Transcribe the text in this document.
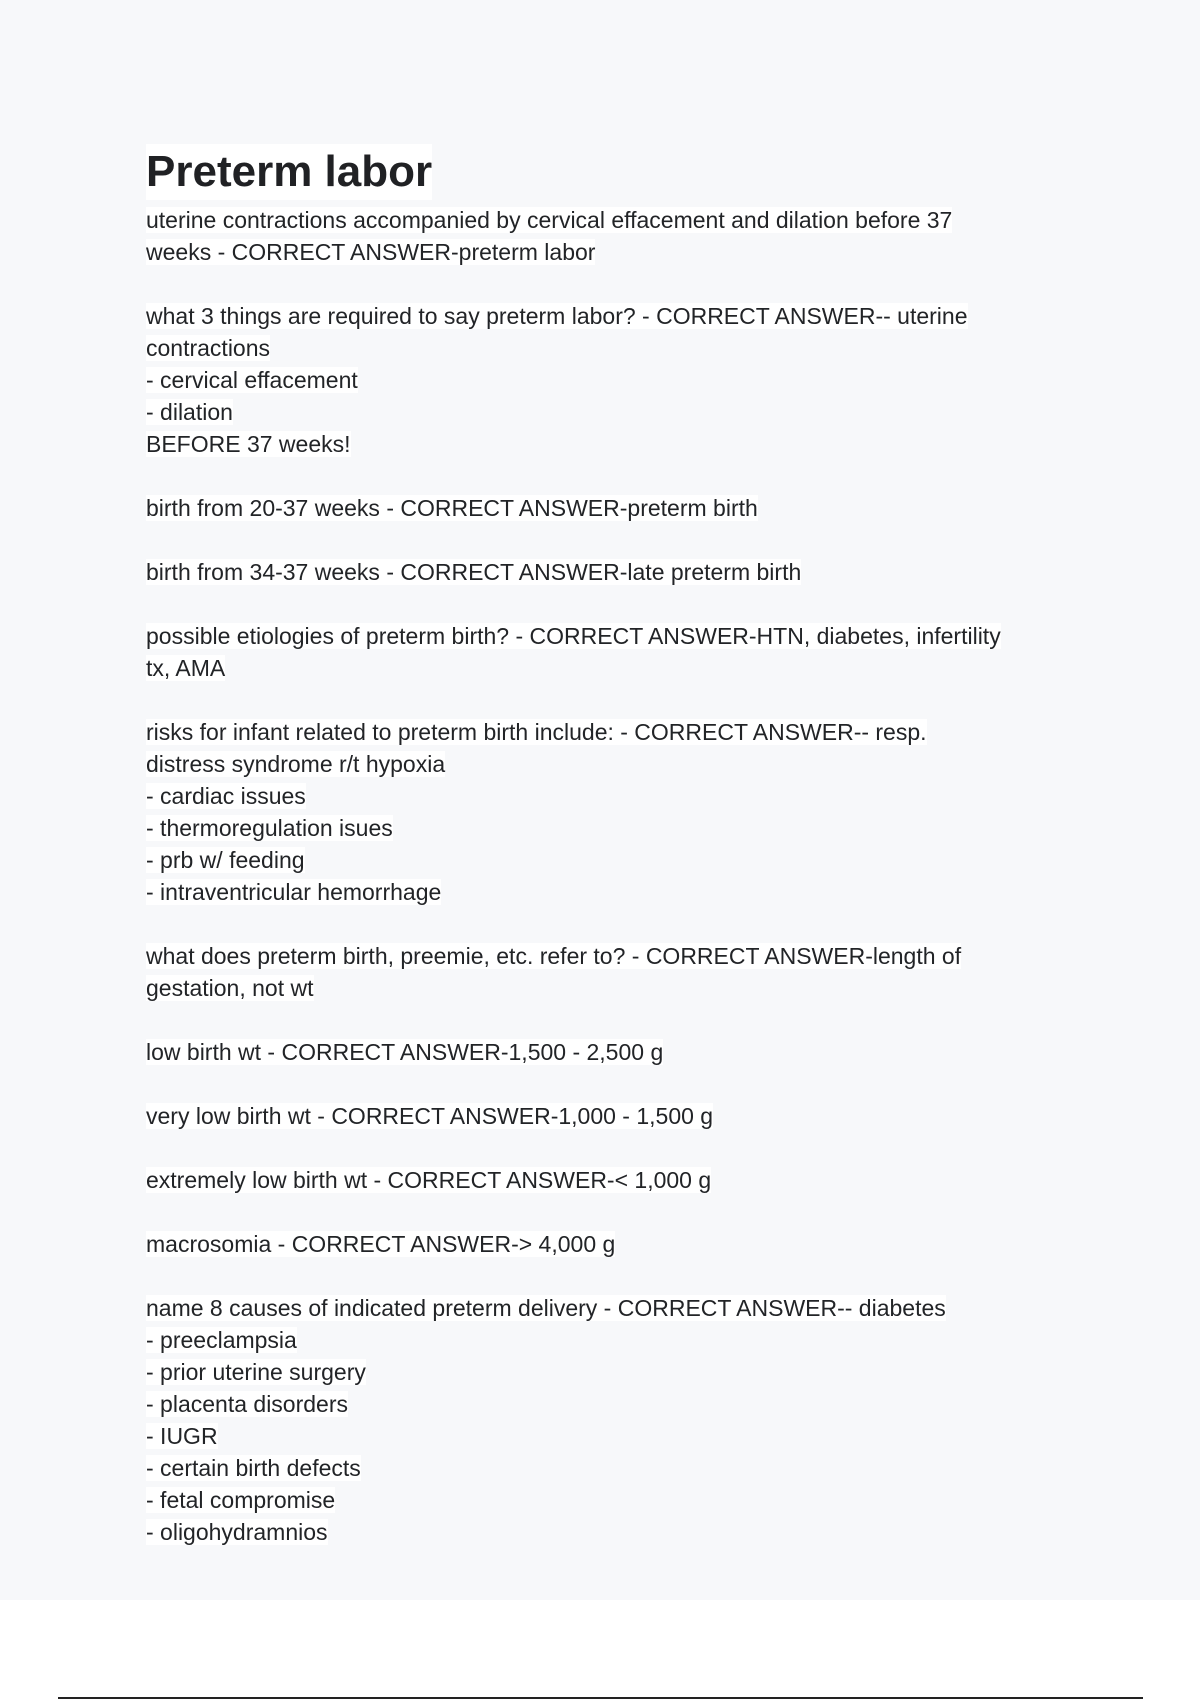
Preterm labor
uterine contractions accompanied by cervical effacement and dilation before 37
weeks - CORRECT ANSWER-preterm labor
what 3 things are required to say preterm labor? - CORRECT ANSWER-- uterine
contractions
- cervical effacement
- dilation
BEFORE 37 weeks!
birth from 20-37 weeks - CORRECT ANSWER-preterm birth
birth from 34-37 weeks - CORRECT ANSWER-late preterm birth
possible etiologies of preterm birth? - CORRECT ANSWER-HTN, diabetes, infertility
tx, AMA
risks for infant related to preterm birth include: - CORRECT ANSWER-- resp.
distress syndrome r/t hypoxia
- cardiac issues
- thermoregulation isues
- prb w/ feeding
- intraventricular hemorrhage
what does preterm birth, preemie, etc. refer to? - CORRECT ANSWER-length of
gestation, not wt
low birth wt - CORRECT ANSWER-1,500 - 2,500 g
very low birth wt - CORRECT ANSWER-1,000 - 1,500 g
extremely low birth wt - CORRECT ANSWER-< 1,000 g
macrosomia - CORRECT ANSWER-> 4,000 g
name 8 causes of indicated preterm delivery - CORRECT ANSWER-- diabetes
- preeclampsia
- prior uterine surgery
- placenta disorders
- IUGR
- certain birth defects
- fetal compromise
- oligohydramnios
